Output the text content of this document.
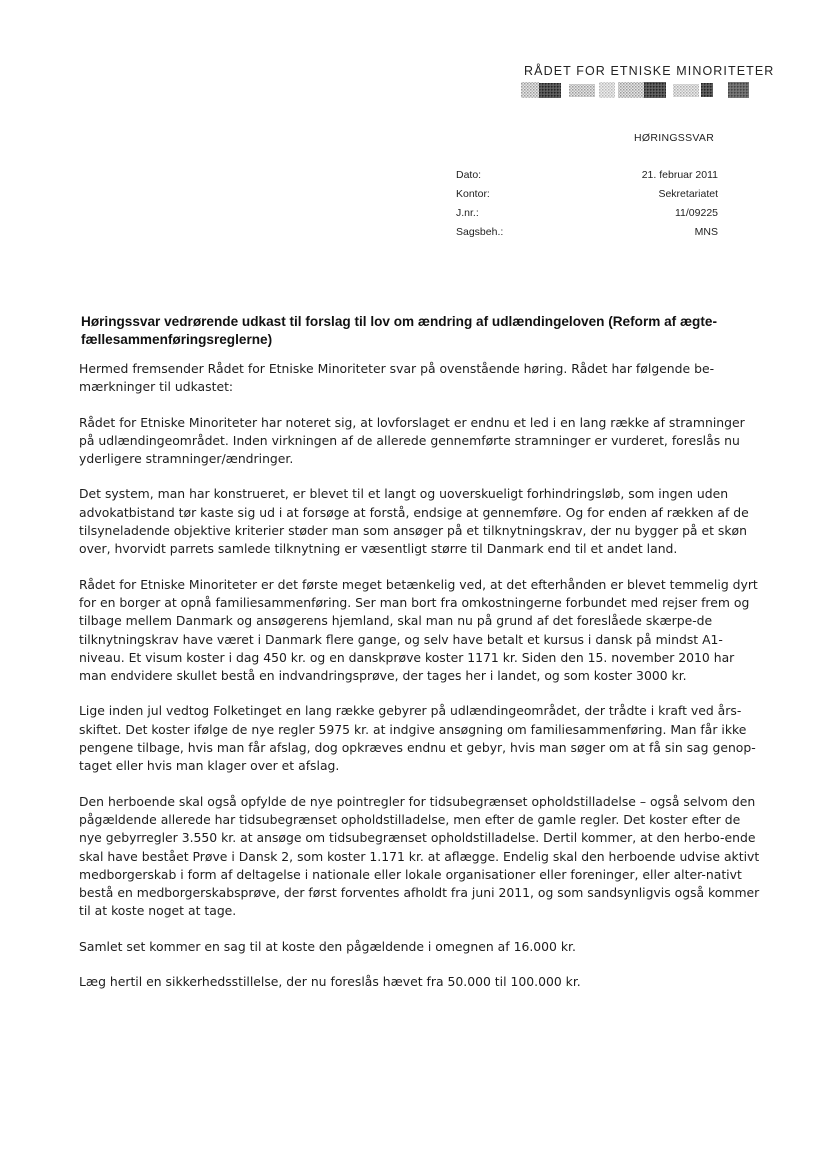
RÅDET FOR ETNISKE MINORITETER
HØRINGSSVAR
Dato:	21. februar 2011
Kontor:	Sekretariatet
J.nr.:	11/09225
Sagsbeh.:	MNS
Høringssvar vedrørende udkast til forslag til lov om ændring af udlændingeloven (Reform af ægte-fællesammenføringsreglerne)

Hermed fremsender Rådet for Etniske Minoriteter svar på ovenstående høring. Rådet har følgende be-mærkninger til udkastet:

Rådet for Etniske Minoriteter har noteret sig, at lovforslaget er endnu et led i en lang række af stramninger på udlændingeområdet. Inden virkningen af de allerede gennemførte stramninger er vurderet, foreslås nu yderligere stramninger/ændringer.

Det system, man har konstrueret, er blevet til et langt og uoverskueligt forhindringsløb, som ingen uden advokatbistand tør kaste sig ud i at forsøge at forstå, endsige at gennemføre. Og for enden af rækken af de tilsyneladende objektive kriterier støder man som ansøger på et tilknytningskrav, der nu bygger på et skøn over, hvorvidt parrets samlede tilknytning er væsentligt større til Danmark end til et andet land.

Rådet for Etniske Minoriteter er det første meget betænkelig ved, at det efterhånden er blevet temmelig dyrt for en borger at opnå familiesammenføring. Ser man bort fra omkostningerne forbundet med rejser frem og tilbage mellem Danmark og ansøgerens hjemland, skal man nu på grund af det foreslåede skærpe-de tilknytningskrav have været i Danmark flere gange, og selv have betalt et kursus i dansk på mindst A1-niveau. Et visum koster i dag 450 kr. og en danskprøve koster 1171 kr. Siden den 15. november 2010 har man endvidere skullet bestå en indvandringsprøve, der tages her i landet, og som koster 3000 kr.

Lige inden jul vedtog Folketinget en lang række gebyrer på udlændingeområdet, der trådte i kraft ved års-skiftet. Det koster ifølge de nye regler 5975 kr. at indgive ansøgning om familiesammenføring. Man får ikke pengene tilbage, hvis man får afslag, dog opkræves endnu et gebyr, hvis man søger om at få sin sag genop-taget eller hvis man klager over et afslag.

Den herboende skal også opfylde de nye pointregler for tidsubegrænset opholdstilladelse – også selvom den pågældende allerede har tidsubegrænset opholdstilladelse, men efter de gamle regler. Det koster efter de nye gebyrregler 3.550 kr. at ansøge om tidsubegrænset opholdstilladelse. Dertil kommer, at den herbo-ende skal have bestået Prøve i Dansk 2, som koster 1.171 kr. at aflægge. Endelig skal den herboende udvise aktivt medborgerskab i form af deltagelse i nationale eller lokale organisationer eller foreninger, eller alter-nativt bestå en medborgerskabsprøve, der først forventes afholdt fra juni 2011, og som sandsynligvis også kommer til at koste noget at tage.

Samlet set kommer en sag til at koste den pågældende i omegnen af 16.000 kr.

Læg hertil en sikkerhedsstillelse, der nu foreslås hævet fra 50.000 til 100.000 kr.
